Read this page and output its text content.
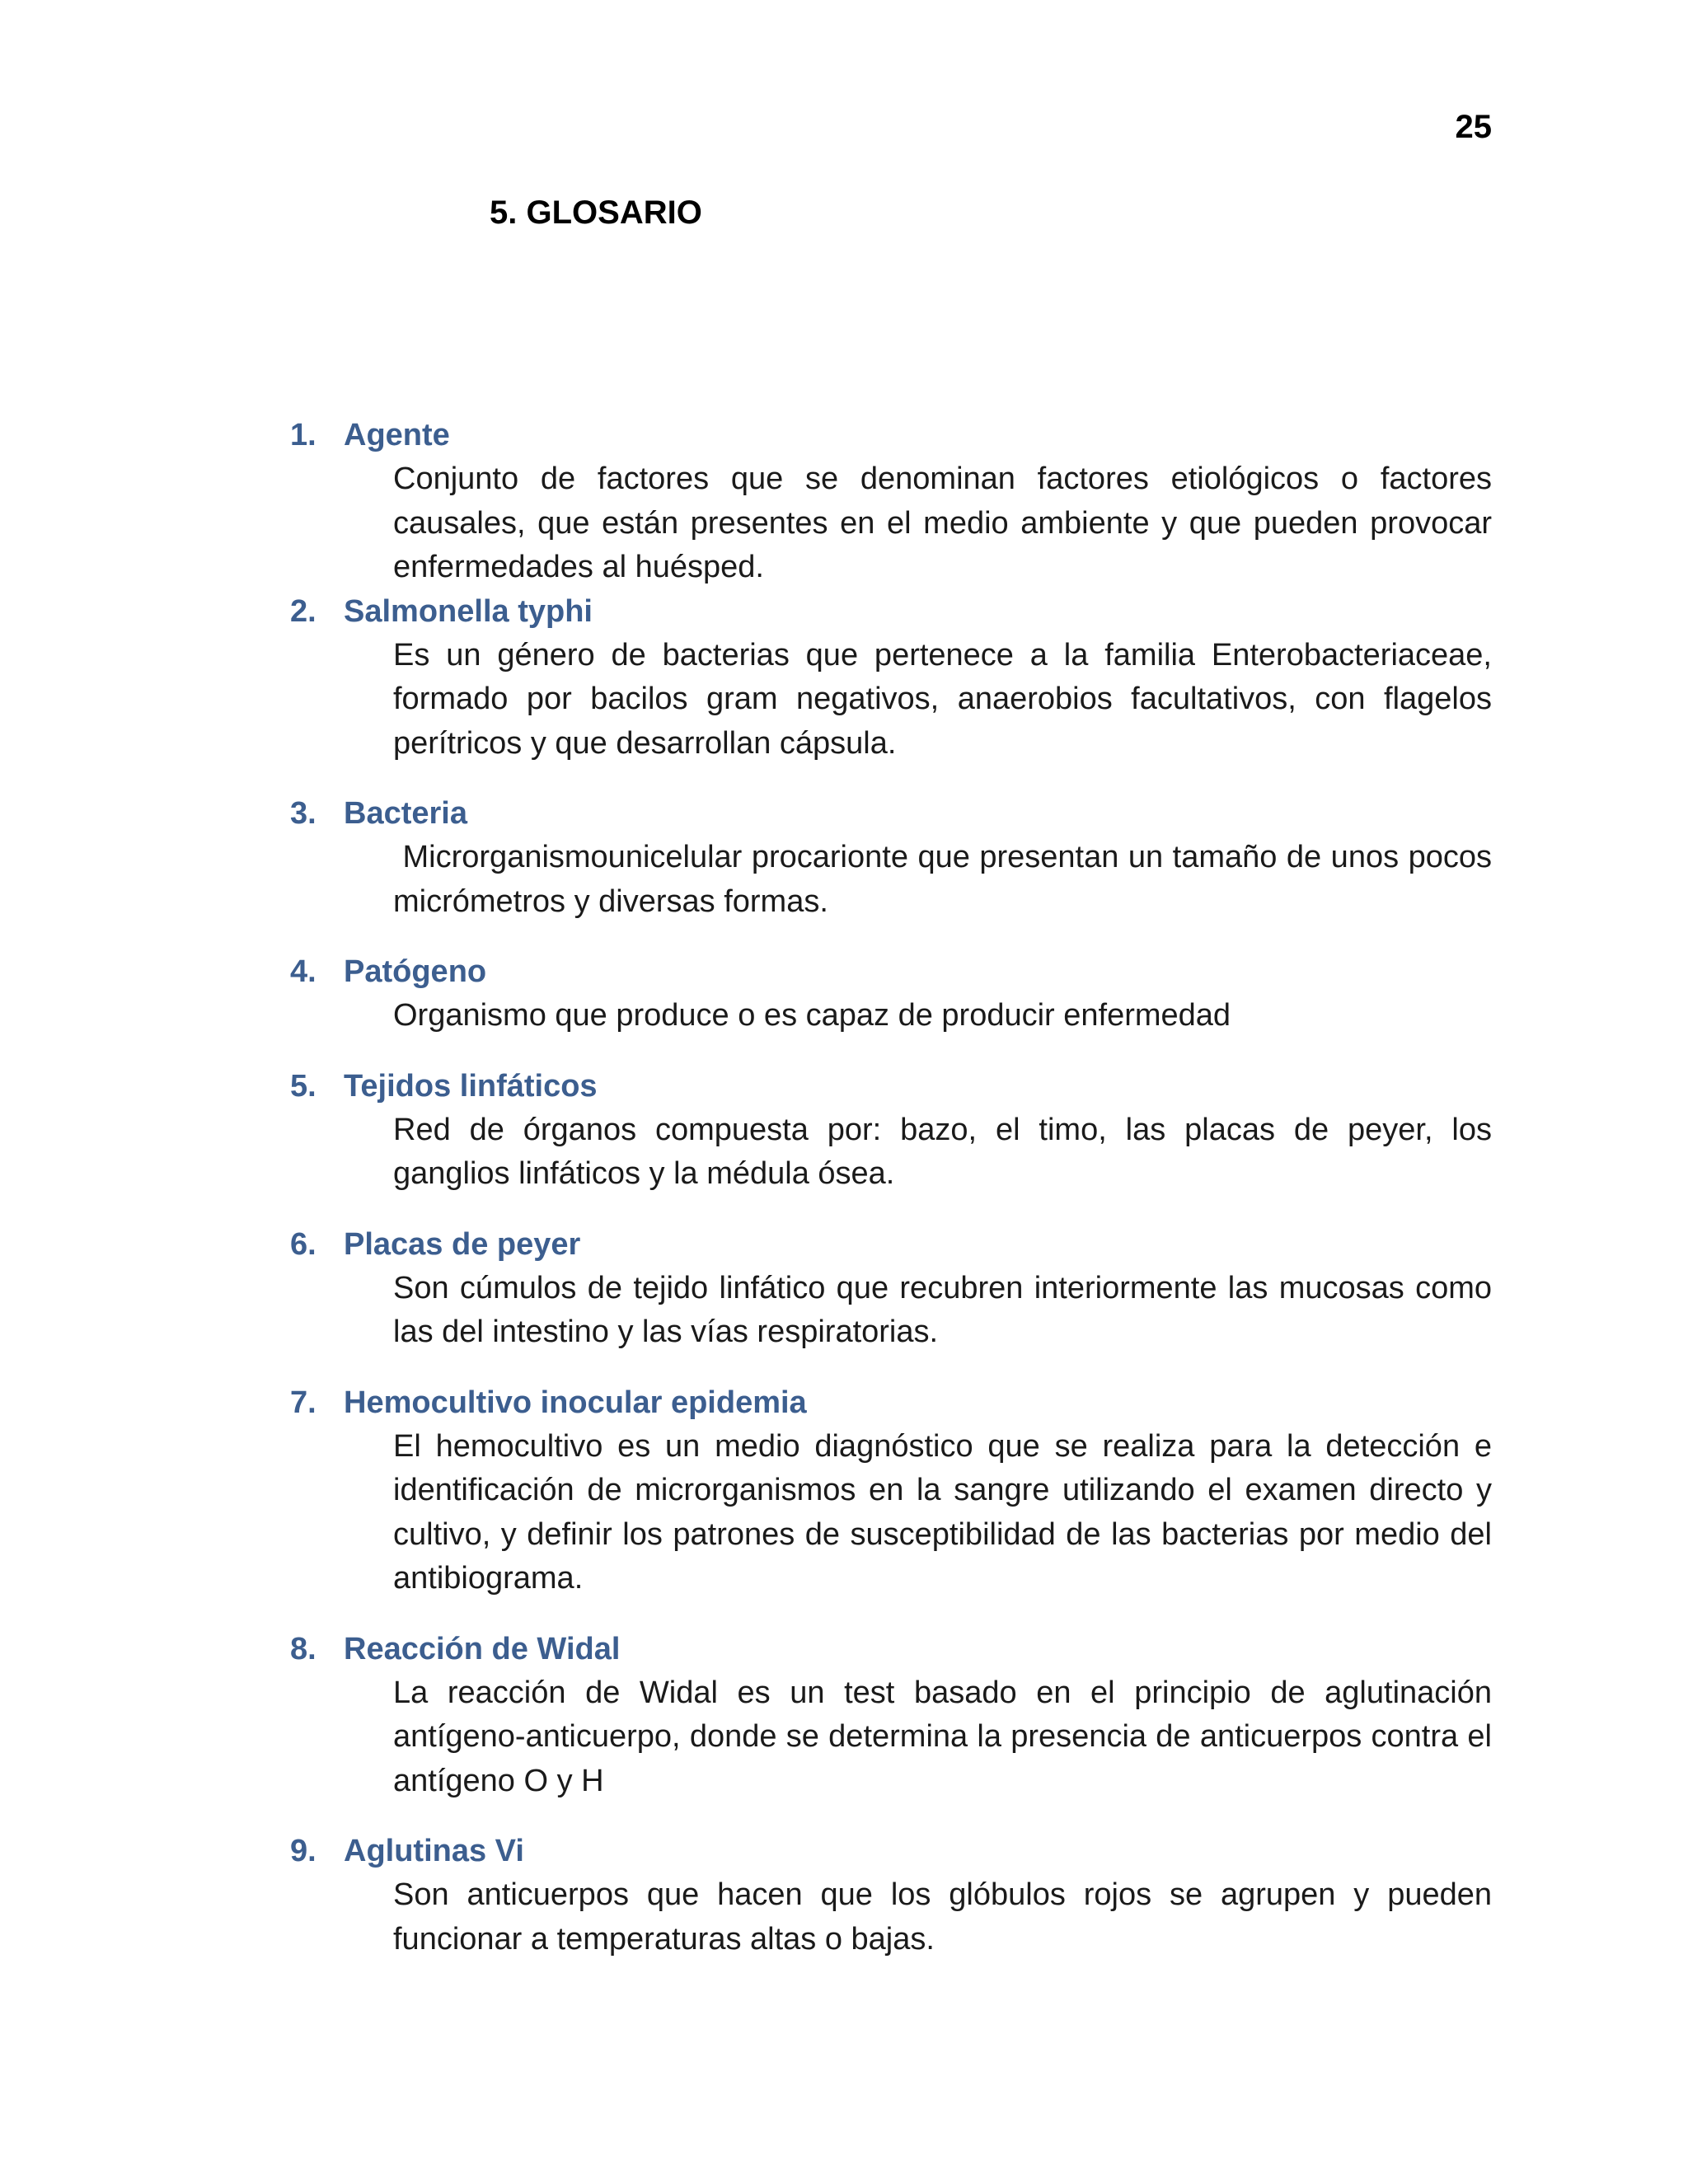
25
5. GLOSARIO
1. Agente

Conjunto de factores que se denominan factores etiológicos o factores causales, que están presentes en el medio ambiente y que pueden provocar enfermedades al huésped.

2. Salmonella typhi

Es un género de bacterias que pertenece a la familia Enterobacteriaceae, formado por bacilos gram negativos, anaerobios facultativos, con flagelos perítricos y que desarrollan cápsula.

3. Bacteria

Microrganismounicelular procarionte que presentan un tamaño de unos pocos micrómetros y diversas formas.

4. Patógeno

Organismo que produce o es capaz de producir enfermedad

5. Tejidos linfáticos

Red de órganos compuesta por: bazo, el timo, las placas de peyer, los ganglios linfáticos y la médula ósea.

6. Placas de peyer

Son cúmulos de tejido linfático que recubren interiormente las mucosas como las del intestino y las vías respiratorias.

7. Hemocultivo inocular epidemia

El hemocultivo es un medio diagnóstico que se realiza para la detección e identificación de microrganismos en la sangre utilizando el examen directo y cultivo, y definir los patrones de susceptibilidad de las bacterias por medio del antibiograma.

8. Reacción de Widal

La reacción de Widal es un test basado en el principio de aglutinación antígeno-anticuerpo, donde se determina la presencia de anticuerpos contra el antígeno O y H

9. Aglutinas Vi

Son anticuerpos que hacen que los glóbulos rojos se agrupen y pueden funcionar a temperaturas altas o bajas.
